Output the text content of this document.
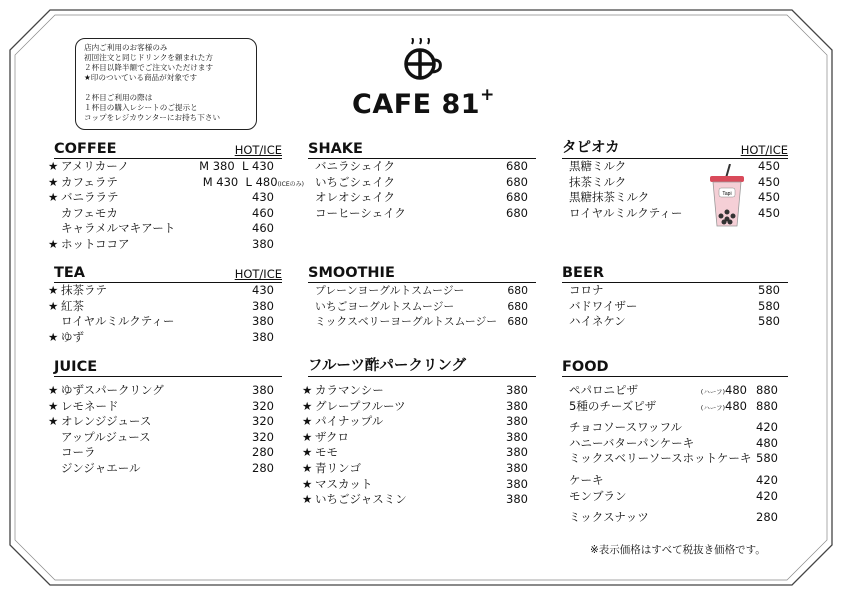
店内ご利用のお客様のみ
初回注文と同じドリンクを頼まれた方
２杯目以降半額でご注文いただけます
★印のついている商品が対象です
２杯目ご利用の際は
１杯目の購入レシートのご提示と
コップをレジカウンターにお持ち下さい	CAFE 81+
COFFEE	HOT/ICE
★ アメリカーノ	M 380 L 430
★ カフェラテ	M 430 L 480(ICEのみ)
★ バニララテ	430
カフェモカ	460
キャラメルマキアート	460
★ ホットココア	380
TEA	HOT/ICE
★ 抹茶ラテ	430
★ 紅茶	380
ロイヤルミルクティー	380
★ ゆず	380
JUICE
★ ゆずスパークリング	380
★ レモネード	320
★ オレンジジュース	320
アップルジュース	320
コーラ	280
ジンジャエール	280
SHAKE
バニラシェイク	680
いちごシェイク	680
オレオシェイク	680
コーヒーシェイク	680
SMOOTHIE
プレーンヨーグルトスムージー	680
いちごヨーグルトスムージー	680
ミックスベリーヨーグルトスムージー 680
フルーツ酢パークリング
★ カラマンシー	380
★ グレープフルーツ	380
★ パイナップル	380
★ ザクロ	380
★ モモ	380
★ 青リンゴ	380
★ マスカット	380
★ いちごジャスミン	380
タピオカ	HOT/ICE
黒糖ミルク	450
抹茶ミルク	450
黒糖抹茶ミルク	450
ロイヤルミルクティー	450
Tapi
BEER
コロナ	580
バドワイザー	580
ハイネケン	580
FOOD
ペパロニピザ	(ハーフ)480 880
5種のチーズピザ	(ハーフ)480 880
チョコソースワッフル	420
ハニーバターパンケーキ	480
ミックスベリーソースホットケーキ 580
ケーキ	420
モンブラン	420
ミックスナッツ	280
※表示価格はすべて税抜き価格です。
